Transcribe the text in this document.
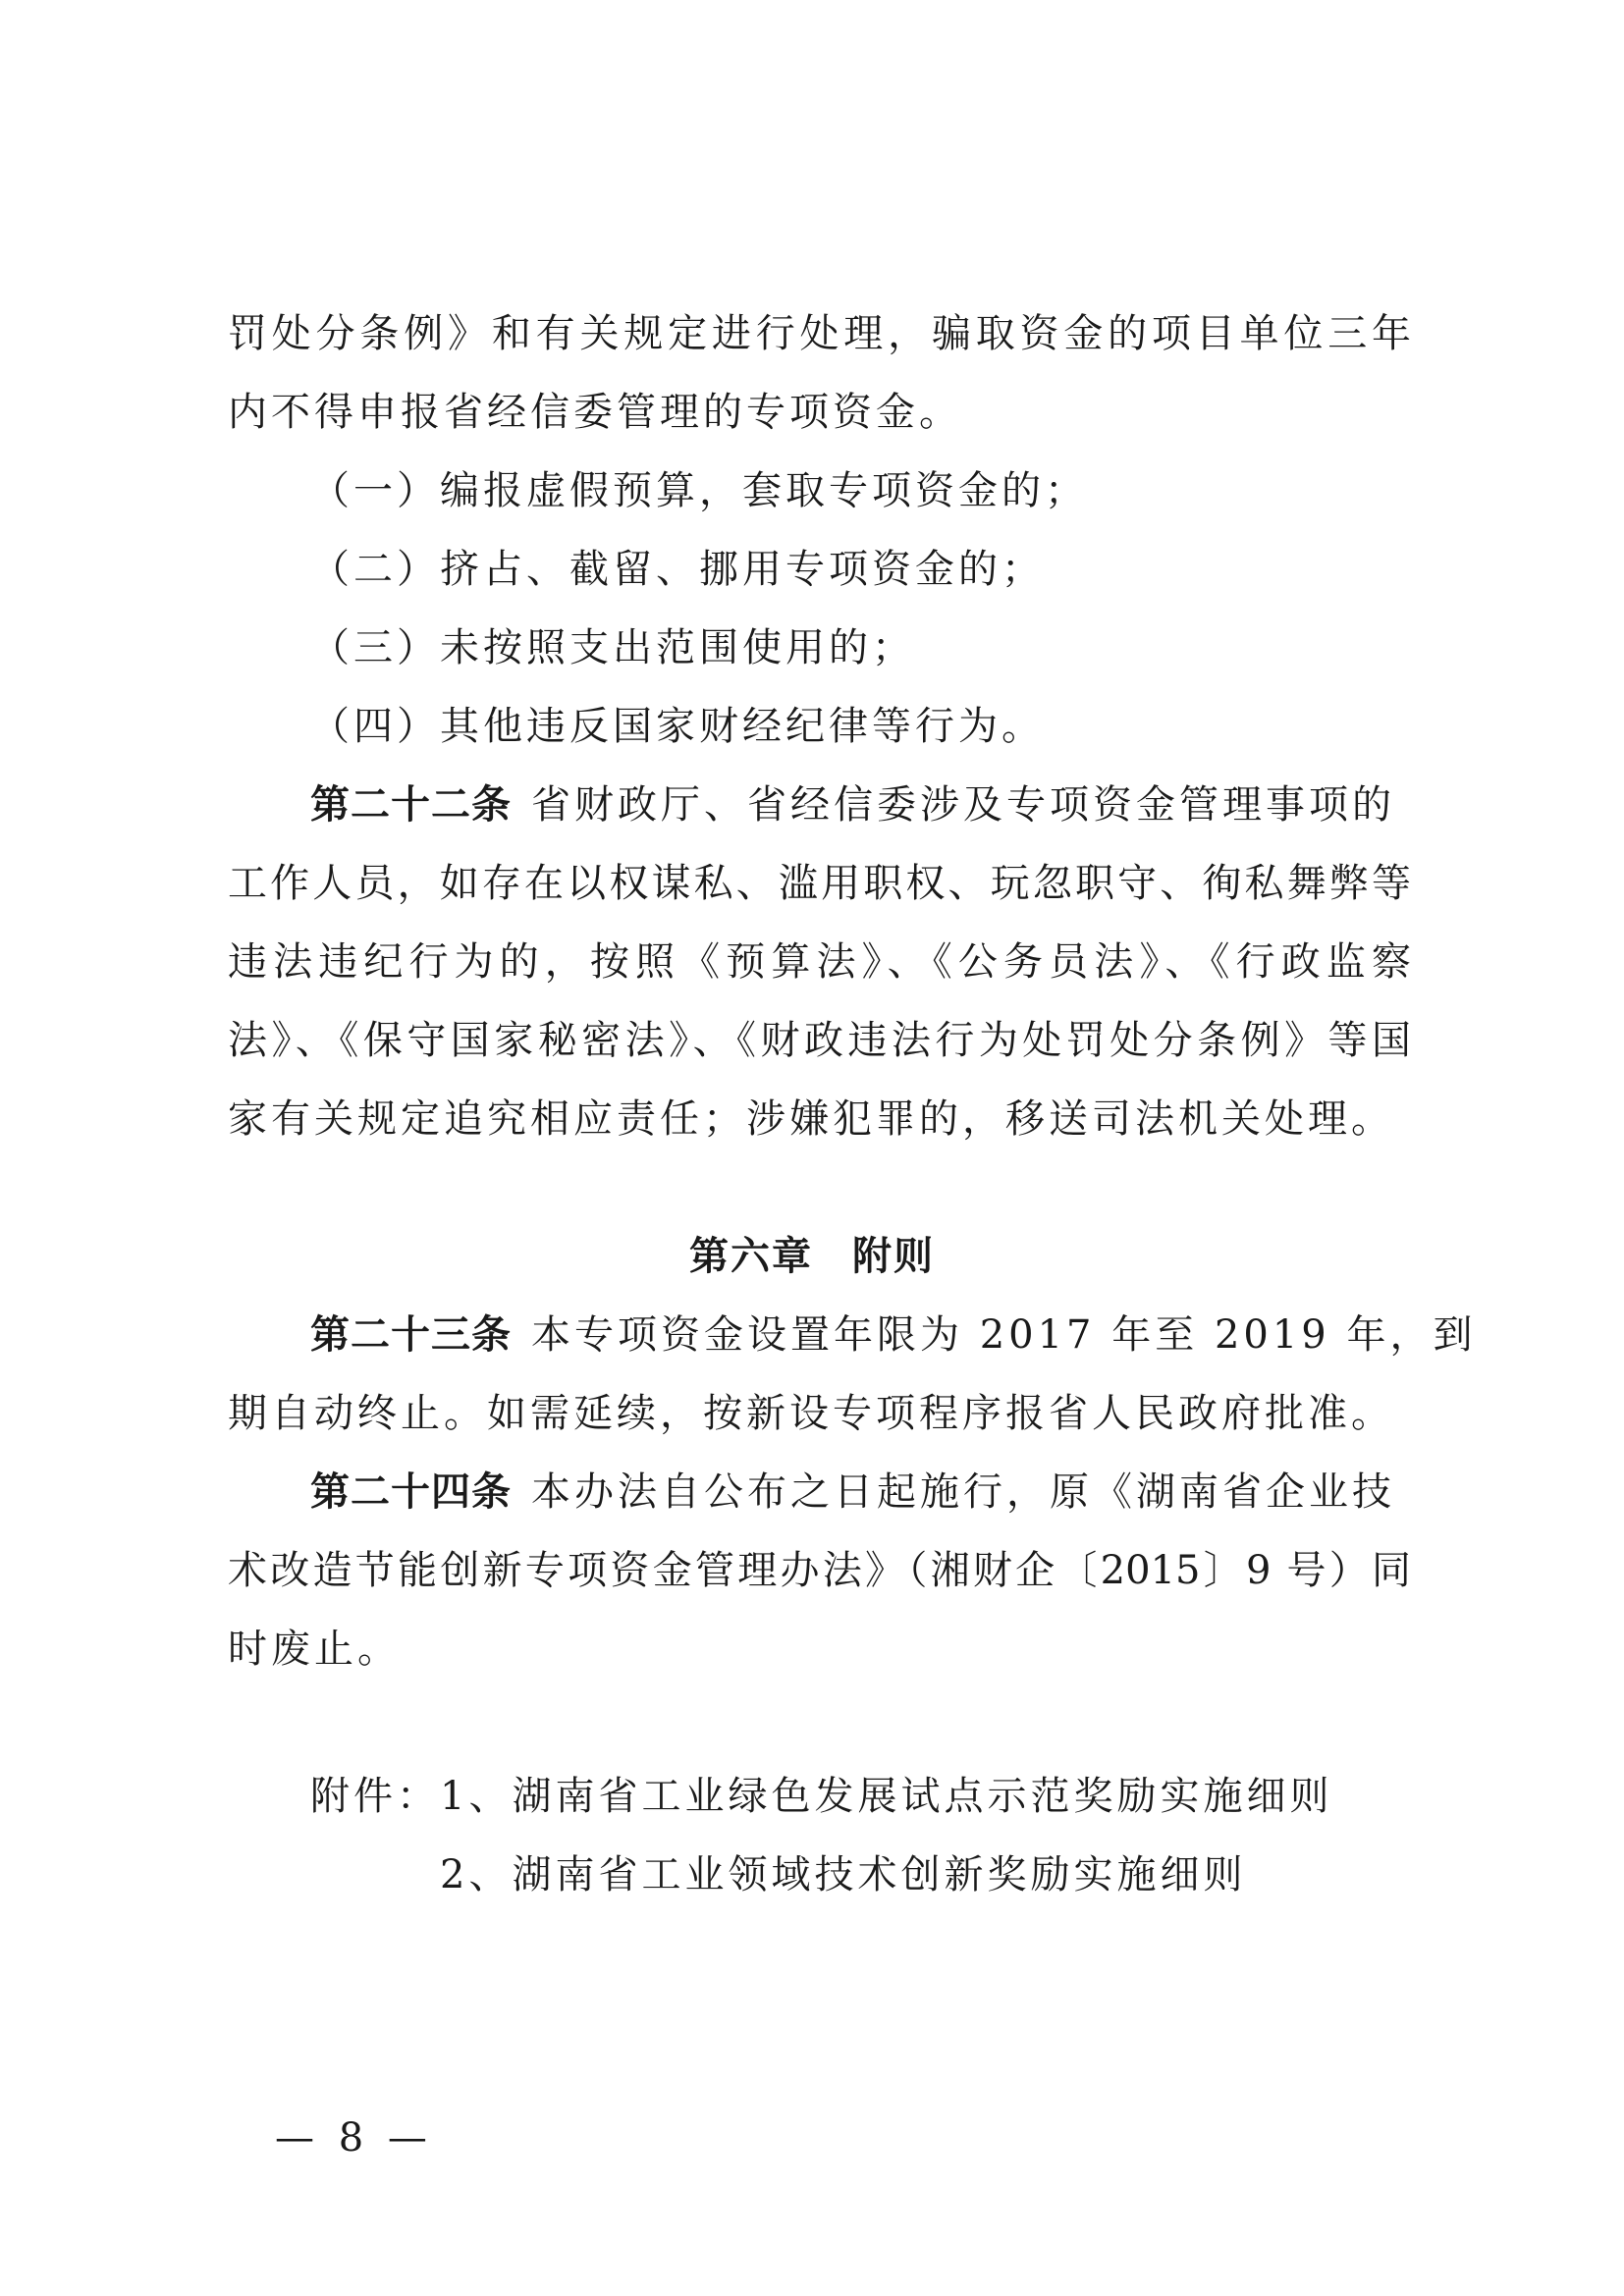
罚处分条例》和有关规定进行处理，骗取资金的项目单位三年
内不得申报省经信委管理的专项资金。
（一）编报虚假预算，套取专项资金的；
（二）挤占、截留、挪用专项资金的；
（三）未按照支出范围使用的；
（四）其他违反国家财经纪律等行为。
第二十二条 省财政厅、省经信委涉及专项资金管理事项的
工作人员，如存在以权谋私、滥用职权、玩忽职守、徇私舞弊等
违法违纪行为的，按照《预算法》、《公务员法》、《行政监察
法》、《保守国家秘密法》、《财政违法行为处罚处分条例》等国
家有关规定追究相应责任；涉嫌犯罪的，移送司法机关处理。
第六章 附则
第二十三条 本专项资金设置年限为 2017 年至 2019 年，到
期自动终止。如需延续，按新设专项程序报省人民政府批准。
第二十四条 本办法自公布之日起施行，原《湖南省企业技
术改造节能创新专项资金管理办法》（湘财企〔2015〕9 号）同
时废止。
附件：1、湖南省工业绿色发展试点示范奖励实施细则
2、湖南省工业领域技术创新奖励实施细则
— 8 —
